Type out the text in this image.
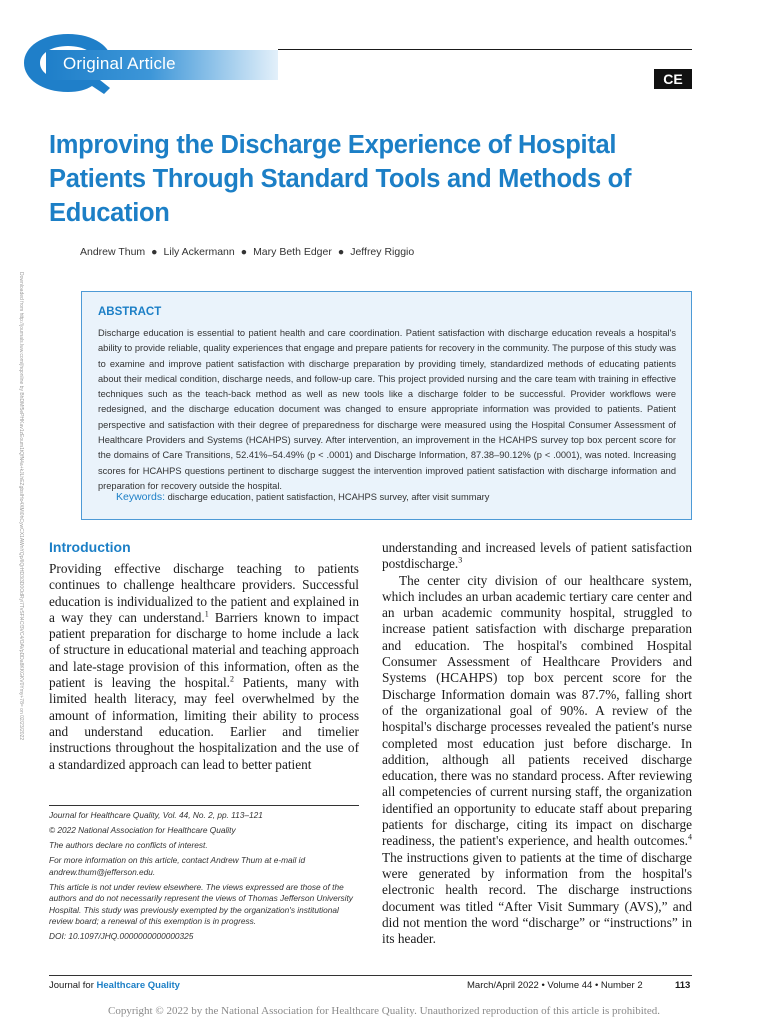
Original Article
CE
Improving the Discharge Experience of Hospital Patients Through Standard Tools and Methods of Education
Andrew Thum ● Lily Ackermann ● Mary Beth Edger ● Jeffrey Riggio
Downloaded from http://journals.lww.com/jhqonline by BhDMf5ePHKav1zEoum1tQfN4a+kJLhEZgbsIHo4XMi0hCywCX1AWnYQp/IlQrHD3i3D0OdRyi7TvSFl4Cf3VC4/OAVpDDa8KKGKV0Ymy+78= on 02/23/2022	ABSTRACT
Discharge education is essential to patient health and care coordination. Patient satisfaction with discharge education reveals a hospital's ability to provide reliable, quality experiences that engage and prepare patients for recovery in the community. The purpose of this study was to examine and improve patient satisfaction with discharge preparation by providing timely, standardized methods of educating patients about their medical condition, discharge needs, and follow-up care. This project provided nursing and the care team with training in effective techniques such as the teach-back method as well as new tools like a discharge folder to be successful. Provider workflows were redesigned, and the discharge education document was changed to ensure appropriate information was provided to patients. Patient perspective and satisfaction with their degree of preparedness for discharge were measured using the Hospital Consumer Assessment of Healthcare Providers and Systems (HCAHPS) survey. After intervention, an improvement in the HCAHPS survey top box percent score for the domains of Care Transitions, 52.41%–54.49% (p < .0001) and Discharge Information, 87.38–90.12% (p < .0001), was noted. Increasing scores for HCAHPS questions pertinent to discharge suggest the intervention improved patient satisfaction with discharge information and preparation for recovery outside the hospital.
Keywords: discharge education, patient satisfaction, HCAHPS survey, after visit summary
Introduction

Providing effective discharge teaching to patients continues to challenge healthcare providers. Successful education is individualized to the patient and explained in a way they can understand.$^1$ Barriers known to impact patient preparation for discharge to home include a lack of structure in educational material and teaching approach and late-stage provision of this information, often as the patient is leaving the hospital.$^2$ Patients, many with limited health literacy, may feel overwhelmed by the amount of information, limiting their ability to process and understand education. Earlier and timelier instructions throughout the hospitalization and the use of a standardized approach can lead to better patient

understanding and increased levels of patient satisfaction postdischarge.$^3$

The center city division of our healthcare system, which includes an urban academic tertiary care center and an urban academic community hospital, struggled to increase patient satisfaction with discharge preparation and education. The hospital's combined Hospital Consumer Assessment of Healthcare Providers and Systems (HCAHPS) top box percent score for the Discharge Information domain was 87.7%, falling short of the organizational goal of 90%. A review of the hospital's discharge processes revealed the patient's nurse completed most education just before discharge. In addition, although all patients received discharge education, there was no standard process. After reviewing all competencies of current nursing staff, the organization identified an opportunity to educate staff about preparing patients for discharge, citing its impact on discharge readiness, the patient's experience, and health outcomes.$^4$ The instructions given to patients at the time of discharge were generated by information from the hospital's electronic health record. The discharge instructions document was titled “After Visit Summary (AVS),” and did not mention the word “discharge” or “instructions” in its header.

Journal for Healthcare Quality, Vol. 44, No. 2, pp. 113–121
© 2022 National Association for Healthcare Quality
The authors declare no conflicts of interest.
For more information on this article, contact Andrew Thum at e-mail id andrew.thum@jefferson.edu.
This article is not under review elsewhere. The views expressed are those of the authors and do not necessarily represent the views of Thomas Jefferson University Hospital. This study was previously exempted by the organization's institutional review board; a renewal of this exemption is in progress.
DOI: 10.1097/JHQ.0000000000000325
Journal for Healthcare Quality	March/April 2022 • Volume 44 • Number 2	113
Copyright © 2022 by the National Association for Healthcare Quality. Unauthorized reproduction of this article is prohibited.
